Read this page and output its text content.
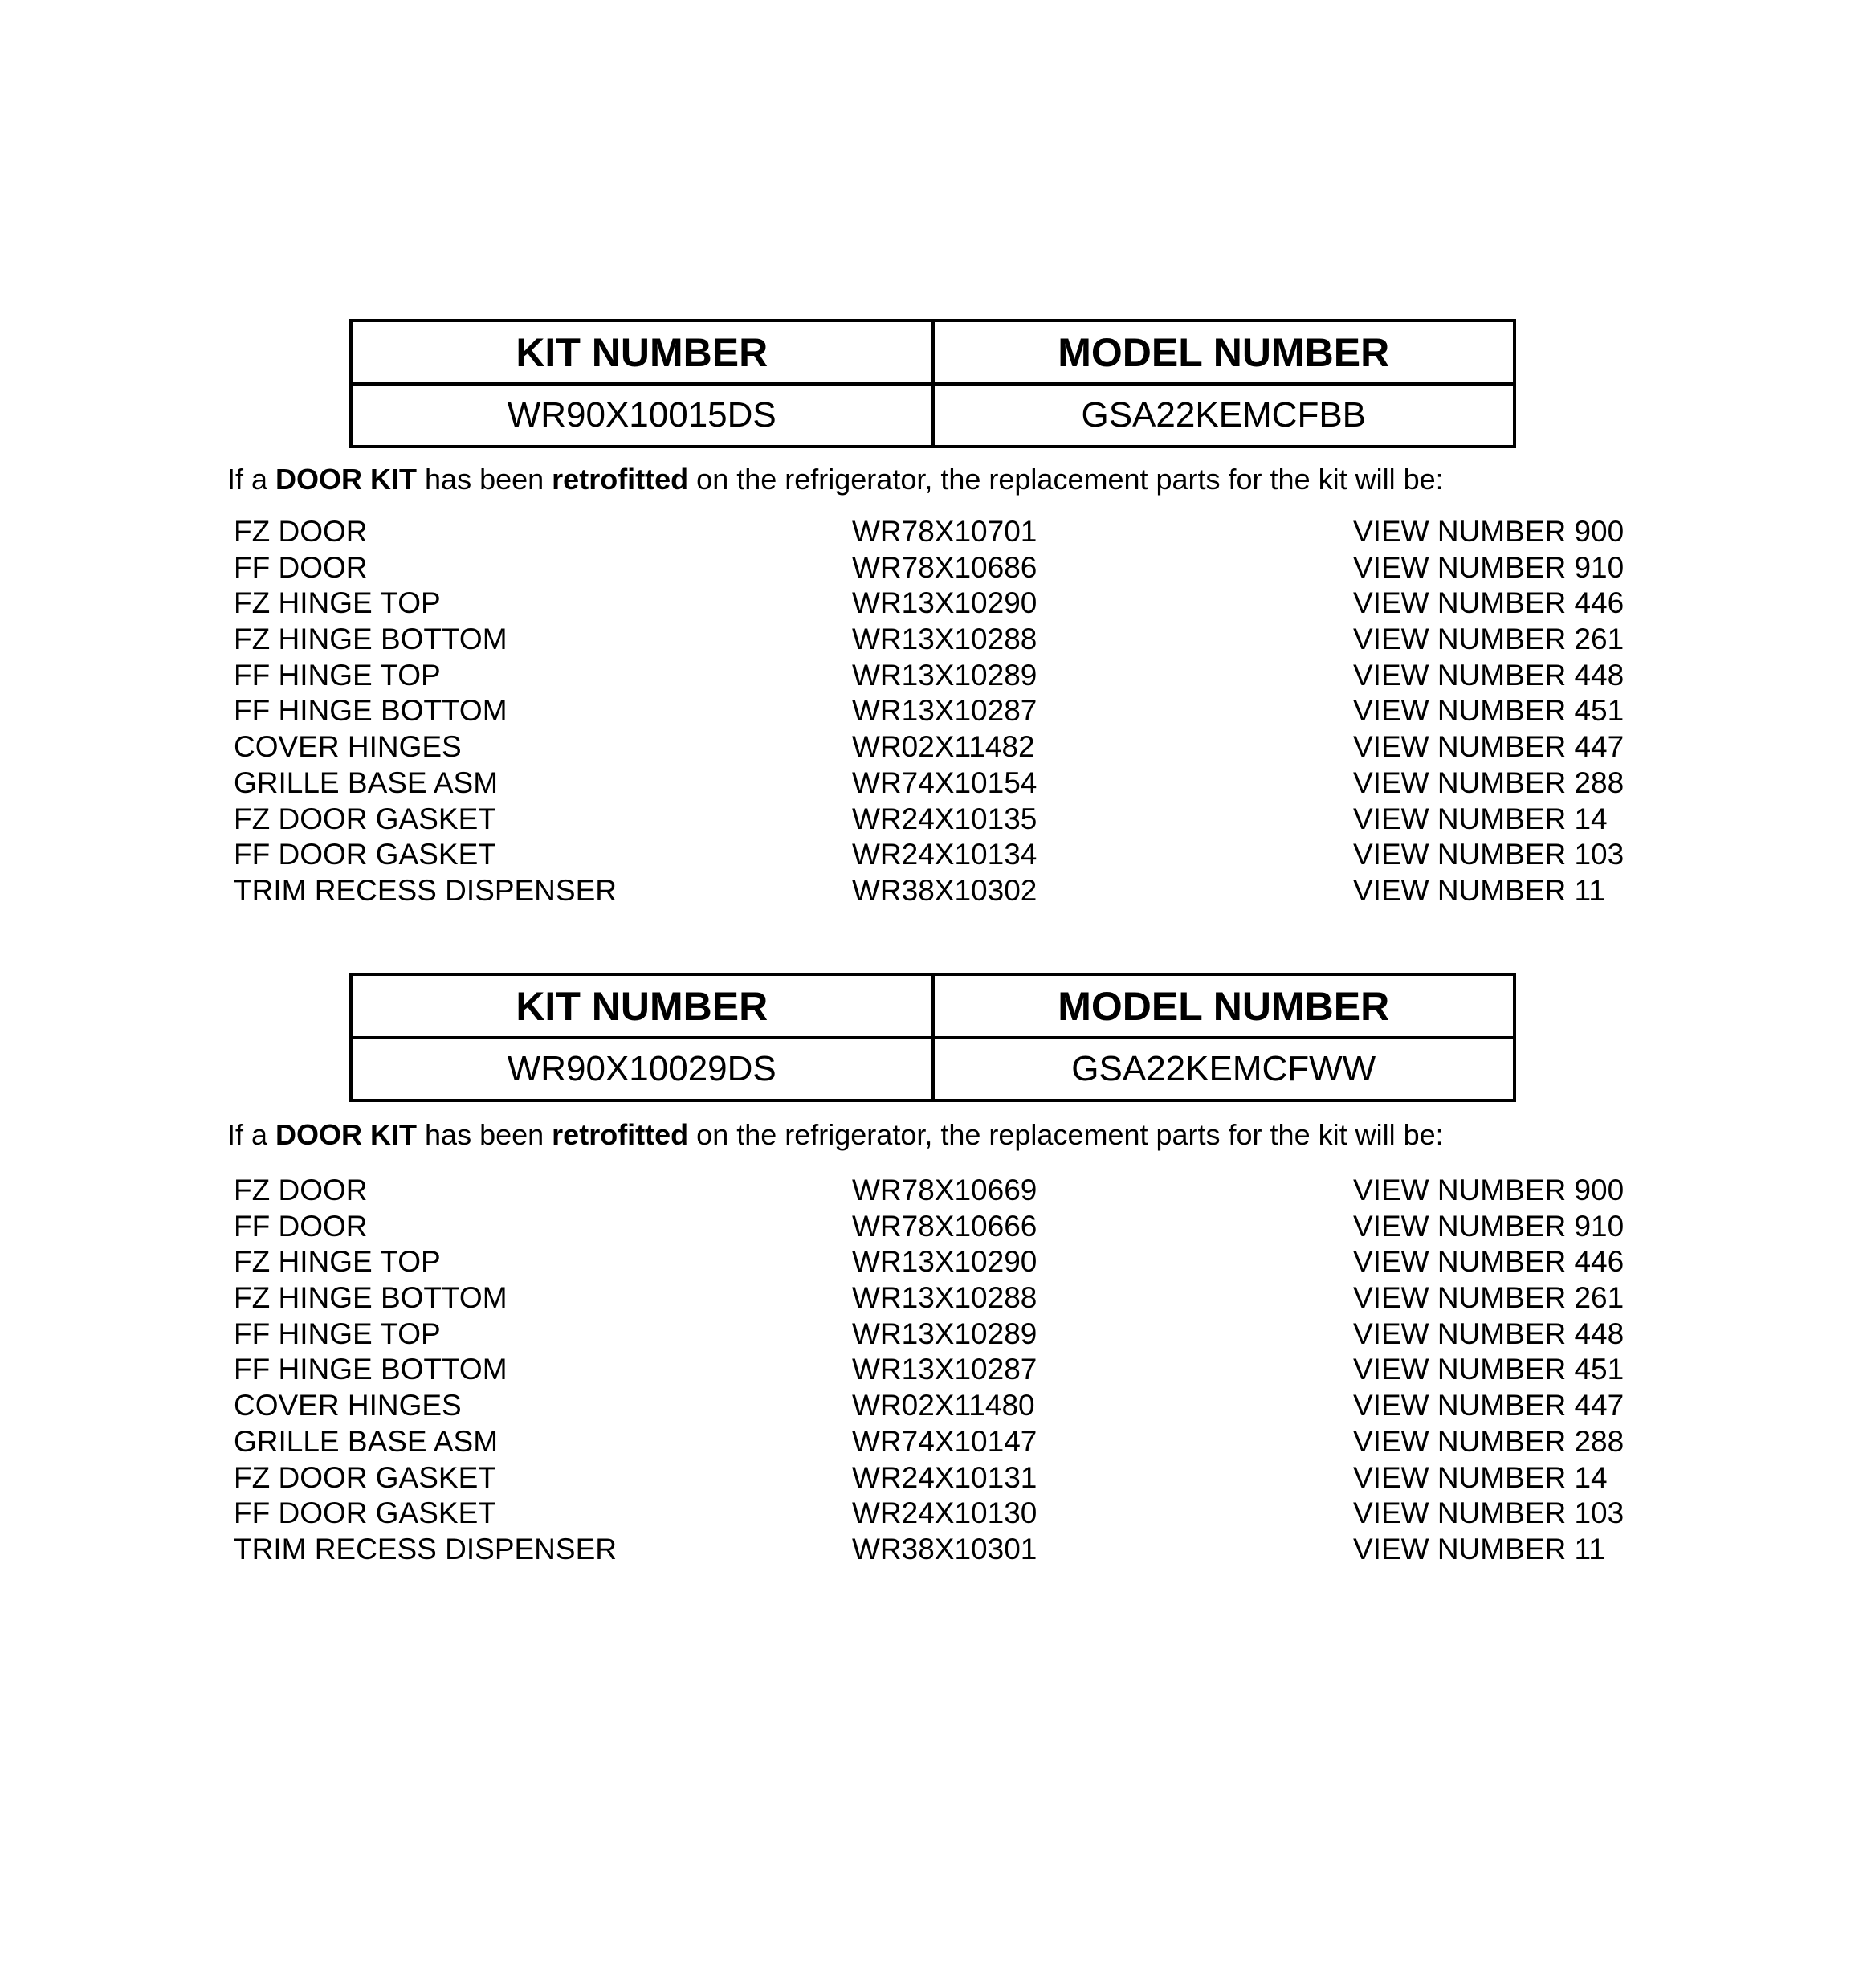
KIT NUMBER	MODEL NUMBER
WR90X10015DS	GSA22KEMCFBB
If a DOOR KIT has been retrofitted on the refrigerator, the replacement parts for the kit will be:
FZ DOOR	WR78X10701	VIEW NUMBER 900
FF DOOR	WR78X10686	VIEW NUMBER 910
FZ HINGE TOP	WR13X10290	VIEW NUMBER 446
FZ HINGE BOTTOM	WR13X10288	VIEW NUMBER 261
FF HINGE TOP	WR13X10289	VIEW NUMBER 448
FF HINGE BOTTOM	WR13X10287	VIEW NUMBER 451
COVER HINGES	WR02X11482	VIEW NUMBER 447
GRILLE BASE ASM	WR74X10154	VIEW NUMBER 288
FZ DOOR GASKET	WR24X10135	VIEW NUMBER 14
FF DOOR GASKET	WR24X10134	VIEW NUMBER 103
TRIM RECESS DISPENSER	WR38X10302	VIEW NUMBER 11
KIT NUMBER	MODEL NUMBER
WR90X10029DS	GSA22KEMCFWW
If a DOOR KIT has been retrofitted on the refrigerator, the replacement parts for the kit will be:
FZ DOOR	WR78X10669	VIEW NUMBER 900
FF DOOR	WR78X10666	VIEW NUMBER 910
FZ HINGE TOP	WR13X10290	VIEW NUMBER 446
FZ HINGE BOTTOM	WR13X10288	VIEW NUMBER 261
FF HINGE TOP	WR13X10289	VIEW NUMBER 448
FF HINGE BOTTOM	WR13X10287	VIEW NUMBER 451
COVER HINGES	WR02X11480	VIEW NUMBER 447
GRILLE BASE ASM	WR74X10147	VIEW NUMBER 288
FZ DOOR GASKET	WR24X10131	VIEW NUMBER 14
FF DOOR GASKET	WR24X10130	VIEW NUMBER 103
TRIM RECESS DISPENSER	WR38X10301	VIEW NUMBER 11
